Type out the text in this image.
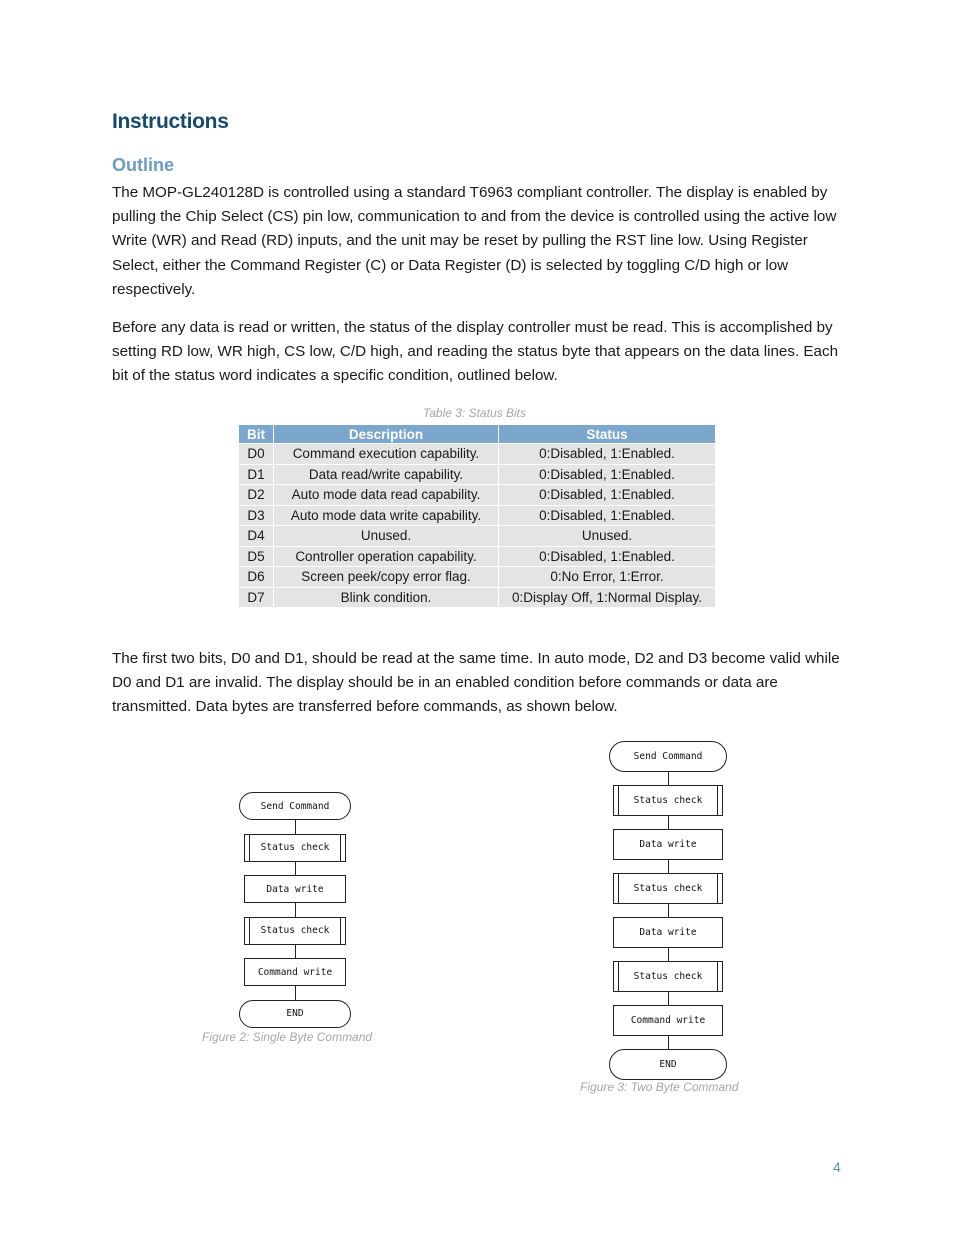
Instructions
Outline

The MOP-GL240128D is controlled using a standard T6963 compliant controller. The display is enabled by pulling the Chip Select (CS) pin low, communication to and from the device is controlled using the active low Write (WR) and Read (RD) inputs, and the unit may be reset by pulling the RST line low. Using Register Select, either the Command Register (C) or Data Register (D) is selected by toggling C/D high or low respectively.

Before any data is read or written, the status of the display controller must be read. This is accomplished by setting RD low, WR high, CS low, C/D high, and reading the status byte that appears on the data lines. Each bit of the status word indicates a specific condition, outlined below.

Table 3: Status Bits
Bit	Description	Status
D0	Command execution capability.	0:Disabled, 1:Enabled.
D1	Data read/write capability.	0:Disabled, 1:Enabled.
D2	Auto mode data read capability.	0:Disabled, 1:Enabled.
D3	Auto mode data write capability.	0:Disabled, 1:Enabled.
D4	Unused.	Unused.
D5	Controller operation capability.	0:Disabled, 1:Enabled.
D6	Screen peek/copy error flag.	0:No Error, 1:Error.
D7	Blink condition.	0:Display Off, 1:Normal Display.

The first two bits, D0 and D1, should be read at the same time. In auto mode, D2 and D3 become valid while D0 and D1 are invalid. The display should be in an enabled condition before commands or data are transmitted. Data bytes are transferred before commands, as shown below.

Send Command
Status check
Data write
Status check
Command write
END
Figure 2: Single Byte Command
Send Command
Status check
Data write
Status check
Data write
Status check
Command write
END
Figure 3: Two Byte Command
4
